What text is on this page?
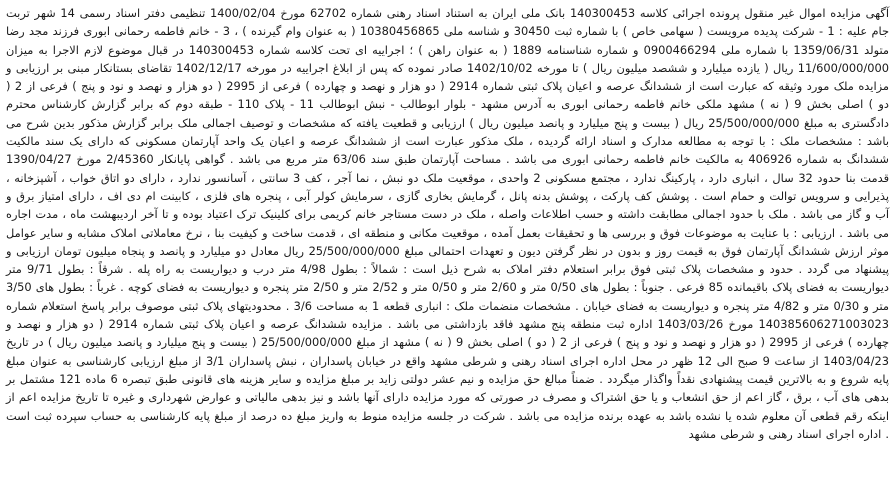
آگهی مزایده اموال غیر منقول پرونده اجرائی کلاسه 140300453 بانک ملی ایران به استناد اسناد رهنی شماره 62702 مورخ 1400/02/04 تنظیمی دفتر اسناد رسمی 14 شهر تربت جام علیه : 1 - شرکت پدیده مرویست ( سهامی خاص ) با شماره ثبت 30450 و شناسه ملی 10380456865 ( به عنوان وام گیرنده ) ، 3 - خانم فاطمه رحمانی ابوری فرزند مجد رضا متولد 1359/06/31 با شماره ملی 0900466294 و شماره شناسنامه 1889 ( به عنوان راهن ) ؛ اجراییه ای تحت کلاسه شماره 140300453 در قبال موضوع لازم الاجرا به میزان 11/600/000/000 ریال ( یازده میلیارد و ششصد میلیون ریال ) تا مورخه 1402/10/02 صادر نموده که پس از ابلاغ اجراییه در مورخه 1402/12/17 تقاضای بستانکار مبنی بر ارزیابی و مزایده ملک مورد وثیقه که عبارت است از ششدانگ عرصه و اعیان پلاک ثبتی شماره 2914 ( دو هزار و نهصد و چهارده ) فرعی از 2995 ( دو هزار و نهصد و نود و پنج ) فرعی از 2 ( دو ) اصلی بخش 9 ( نه ) مشهد ملکی خانم فاطمه رحمانی ابوری به آدرس مشهد - بلوار ابوطالب - نبش ابوطالب 11 - پلاک 110 - طبقه دوم که برابر گزارش کارشناس محترم دادگستری به مبلغ 25/500/000/000 ریال ( بیست و پنج میلیارد و پانصد میلیون ریال ) ارزیابی و قطعیت یافته که مشخصات و توصیف اجمالی ملک برابر گزارش مذکور بدین شرح می باشد : مشخصات ملک : با توجه به مطالعه مدارک و اسناد ارائه گردیده ، ملک مذکور عبارت است از ششدانگ عرصه و اعیان یک واحد آپارتمان مسکونی که دارای یک سند مالکیت ششدانگ به شماره 406926 به مالکیت خانم فاطمه رحمانی ابوری می باشد . مساحت آپارتمان طبق سند 63/06 متر مربع می باشد . گواهی پایانکار 2/45360 مورخ 1390/04/27 قدمت بنا حدود 32 سال ، انباری دارد ، پارکینگ ندارد ، مجتمع مسکونی 2 واحدی ، موقعیت ملک دو نبش ، نما آجر ، کف 3 سانتی ، آسانسور ندارد ، دارای دو اتاق خواب ، آشپزخانه ، پذیرایی و سرویس توالت و حمام است . پوشش کف پارکت ، پوشش بدنه پانل ، گرمایش بخاری گازی ، سرمایش کولر آبی ، پنجره های فلزی ، کابینت ام دی اف ، دارای امتیاز برق و آب و گاز می باشد . ملک با حدود اجمالی مطابقت داشته و حسب اطلاعات واصله ، ملک در دست مستاجر خانم کریمی برای کلینیک ترک اعتیاد بوده و تا آخر اردیبهشت ماه ، مدت اجاره می باشد . ارزیابی : با عنایت به موضوعات فوق و بررسی ها و تحقیقات بعمل آمده ، موقعیت مکانی و منطقه ای ، قدمت ساخت و کیفیت بنا ، نرخ معاملاتی املاک مشابه و سایر عوامل موثر ارزش ششدانگ آپارتمان فوق به قیمت روز و بدون در نظر گرفتن دیون و تعهدات احتمالی مبلغ 25/500/000/000 ریال معادل دو میلیارد و پانصد و پنجاه میلیون تومان ارزیابی و پیشنهاد می گردد . حدود و مشخصات پلاک ثبتی فوق برابر استعلام دفتر املاک به شرح ذیل است : شمالاً : بطول 4/98 متر درب و دیواریست به راه پله . شرقاً : بطول 9/71 متر دیواریست به فضای پلاک باقیمانده 85 فرعی . جنوباً : بطول های 0/50 متر و 2/60 متر و 0/50 متر و 2/52 متر و 2/50 متر پنجره و دیواریست به فضای کوچه . غرباً : بطول های 3/50 متر و 0/30 متر و 4/82 متر پنجره و دیواریست به فضای خیابان . مشخصات منضمات ملک : انباری قطعه 1 به مساحت 3/6 . محدودیتهای پلاک ثبتی موصوف برابر پاسخ استعلام شماره 140385606271003023 مورخ 1403/03/26 اداره ثبت منطقه پنج مشهد فاقد بازداشتی می باشد . مزایده ششدانگ عرصه و اعیان پلاک ثبتی شماره 2914 ( دو هزار و نهصد و چهارده ) فرعی از 2995 ( دو هزار و نهصد و نود و پنج ) فرعی از 2 ( دو ) اصلی بخش 9 ( نه ) مشهد از مبلغ 25/500/000/000 ( بیست و پنج میلیارد و پانصد میلیون ریال ) در تاریخ 1403/04/23 از ساعت 9 صبح الی 12 ظهر در محل اداره اجرای اسناد رهنی و شرطی مشهد واقع در خیابان پاسداران ، نبش پاسداران 3/1 از مبلغ ارزیابی کارشناسی به عنوان مبلغ پایه شروع و به بالاترین قیمت پیشنهادی نقداً واگذار میگردد . ضمناً مبالغ حق مزایده و نیم عشر دولتی زاید بر مبلغ مزایده و سایر هزینه های قانونی طبق تبصره 6 ماده 121 مشتمل بر بدهی های آب ، برق ، گاز اعم از حق انشعاب و یا حق اشتراک و مصرف در صورتی که مورد مزایده دارای آنها باشد و نیز بدهی مالیاتی و عوارض شهرداری و غیره تا تاریخ مزایده اعم از اینکه رقم قطعی آن معلوم شده یا نشده باشد به عهده برنده مزایده می باشد . شرکت در جلسه مزایده منوط به واریز مبلغ ده درصد از مبلغ پایه کارشناسی به حساب سپرده ثبت است . اداره اجرای اسناد رهنی و شرطی مشهد
